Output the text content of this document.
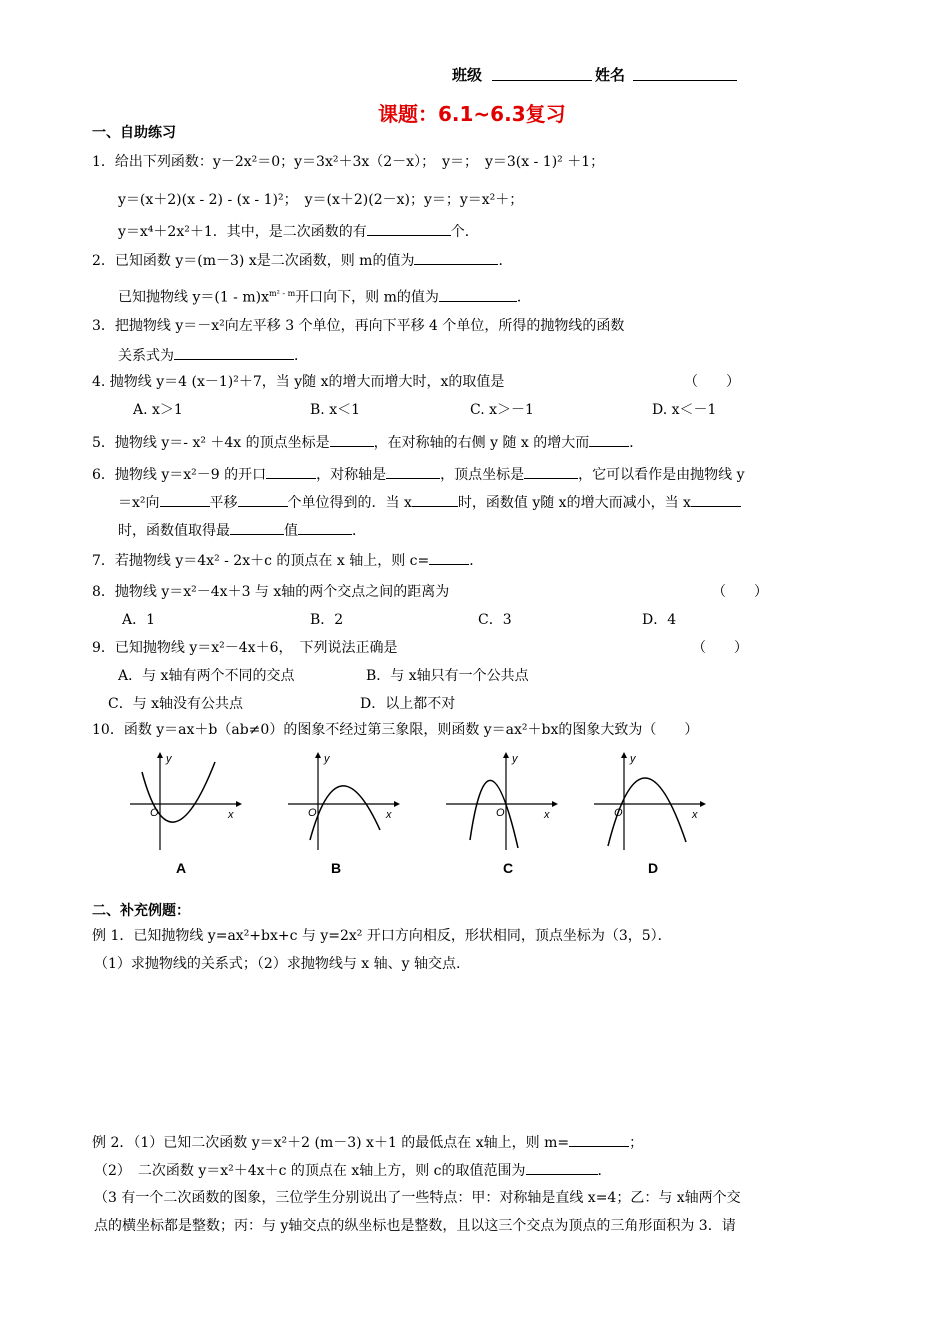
班级	姓名
课题：6.1~6.3复习
一、自助练习
1．给出下列函数：y－2x²＝0；y＝3x²＋3x（2－x）；　y＝；　y＝3(x - 1)² ＋1；
y＝(x＋2)(x - 2) - (x - 1)²；　y＝(x＋2)(2－x)；y＝；y＝x²＋；
y＝x⁴＋2x²＋1．其中，是二次函数的有	个．
2．已知函数 y＝(m－3) x是二次函数，则 m的值为	．
已知抛物线 $y=(1 - m)x^{m^2 - m}$开口向下，则 m的值为	．
3．把抛物线 y＝－x²向左平移 3 个单位，再向下平移 4 个单位，所得的抛物线的函数
关系式为	．
4. 抛物线 y＝4 (x－1)²＋7，当 y随 x的增大而增大时，x的取值是	（　　）
A. x＞1	B. x＜1	C. x＞－1	D. x＜－1
5．抛物线 y＝- x² ＋4x 的顶点坐标是	，在对称轴的右侧 y 随 x 的增大而	．
6．抛物线 y＝x²－9 的开口	，对称轴是	，顶点坐标是	，它可以看作是由抛物线 y
＝x²向	平移	个单位得到的．当 x	时，函数值 y随 x的增大而减小，当 x
时，函数值取得最	值	．
7．若抛物线 y＝4x² - 2x＋c 的顶点在 x 轴上，则 c=	．
8．抛物线 y＝x²－4x＋3 与 x轴的两个交点之间的距离为	（　　）
A．1	B．2	C．3	D．4
9．已知抛物线 y＝x²－4x＋6，　下列说法正确是	（　　）
A．与 x轴有两个不同的交点	B．与 x轴只有一个公共点
C．与 x轴没有公共点	D．以上都不对
10．函数 y＝ax＋b（ab≠0）的图象不经过第三象限，则函数 y＝ax²＋bx的图象大致为（　　）
y
x
O
A
y
x
O
B
y
x
O
C
y
x
O
D
二、补充例题：
例 1．已知抛物线 y=ax²+bx+c 与 y=2x² 开口方向相反，形状相同，顶点坐标为（3，5）．
（1）求抛物线的关系式；（2）求抛物线与 x 轴、y 轴交点.
例 2．（1）已知二次函数 y＝x²＋2 (m－3) x＋1 的最低点在 x轴上，则 m=	；
（2）　二次函数 y＝x²＋4x＋c 的顶点在 x轴上方，则 c的取值范围为	．
（3 有一个二次函数的图象，三位学生分别说出了一些特点：甲：对称轴是直线 x=4；乙：与 x轴两个交
点的横坐标都是整数；丙：与 y轴交点的纵坐标也是整数，且以这三个交点为顶点的三角形面积为 3．请
